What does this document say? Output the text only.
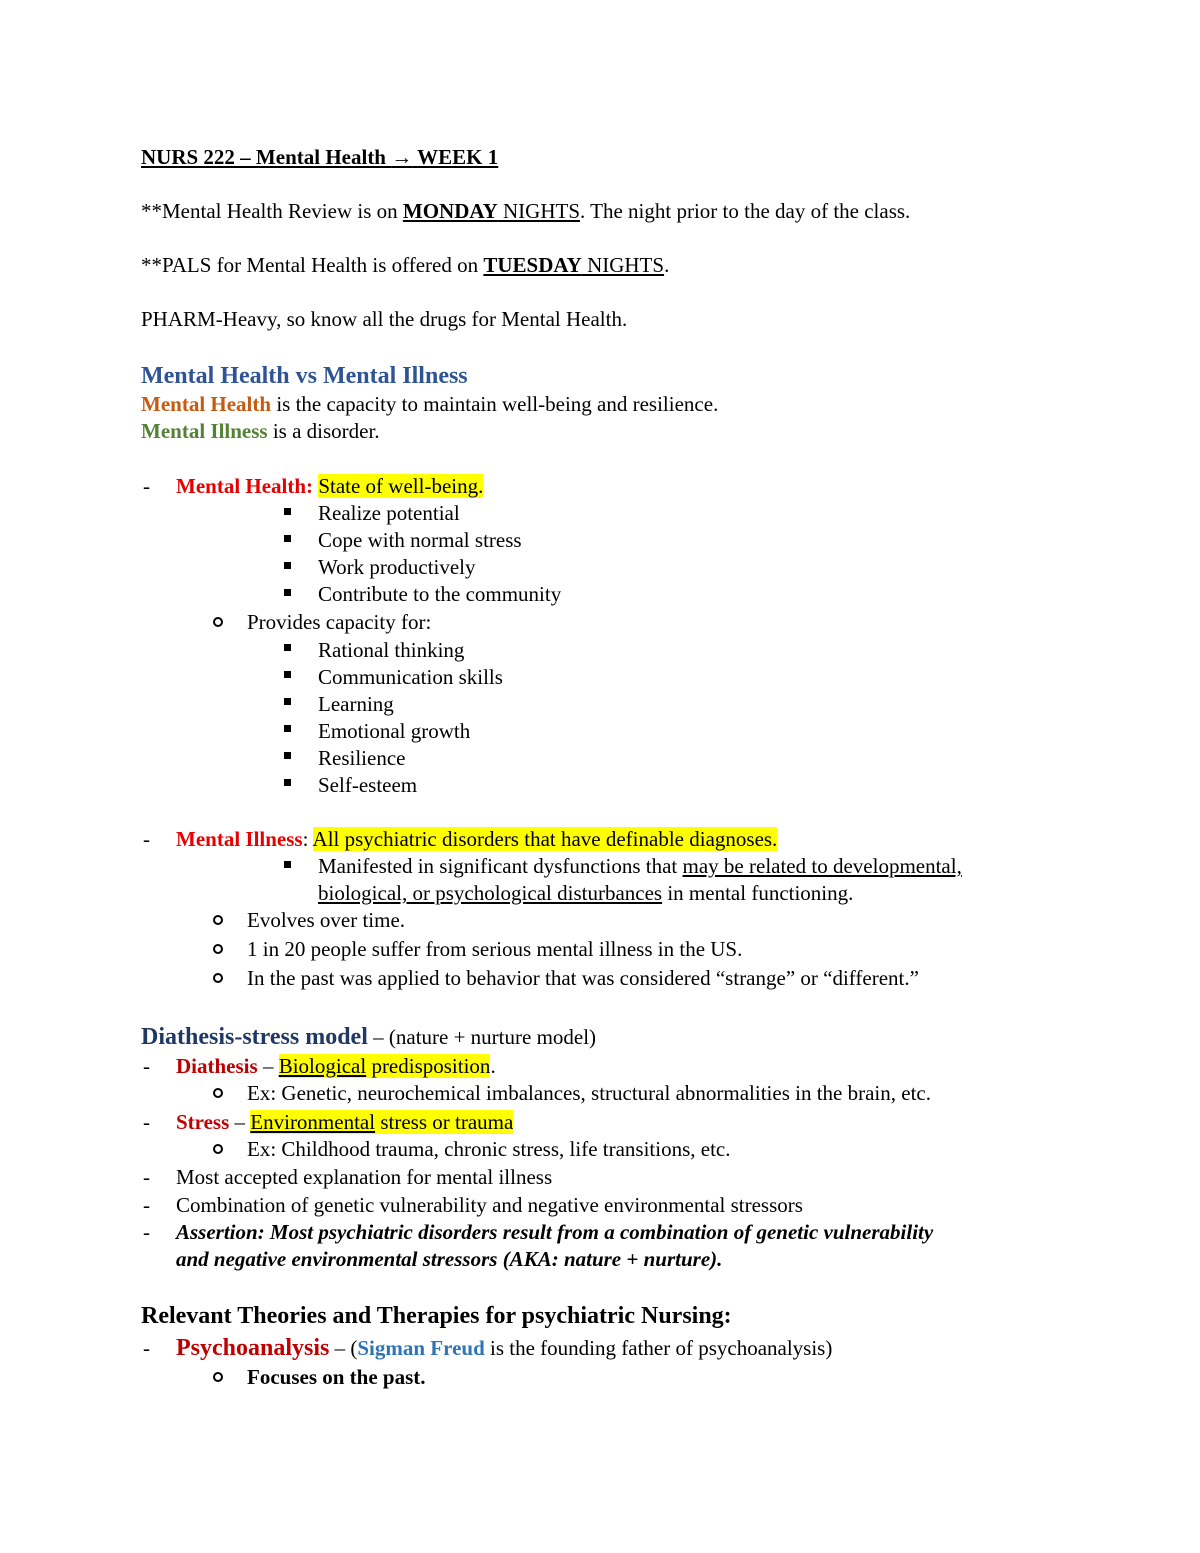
NURS 222 – Mental Health → WEEK 1
**Mental Health Review is on MONDAY NIGHTS. The night prior to the day of the class.
**PALS for Mental Health is offered on TUESDAY NIGHTS.
PHARM-Heavy, so know all the drugs for Mental Health.
Mental Health vs Mental Illness
Mental Health is the capacity to maintain well-being and resilience.
Mental Illness is a disorder.
- Mental Health: State of well-being.
Realize potential
Cope with normal stress
Work productively
Contribute to the community
Provides capacity for:
Rational thinking
Communication skills
Learning
Emotional growth
Resilience
Self-esteem
- Mental Illness: All psychiatric disorders that have definable diagnoses.
Manifested in significant dysfunctions that may be related to developmental,
biological, or psychological disturbances in mental functioning.
Evolves over time.
1 in 20 people suffer from serious mental illness in the US.
In the past was applied to behavior that was considered “strange” or “different.”
Diathesis-stress model – (nature + nurture model)
- Diathesis – Biological predisposition.
Ex: Genetic, neurochemical imbalances, structural abnormalities in the brain, etc.
- Stress – Environmental stress or trauma
Ex: Childhood trauma, chronic stress, life transitions, etc.
- Most accepted explanation for mental illness
- Combination of genetic vulnerability and negative environmental stressors
- Assertion: Most psychiatric disorders result from a combination of genetic vulnerability
and negative environmental stressors (AKA: nature + nurture).
Relevant Theories and Therapies for psychiatric Nursing:
- Psychoanalysis – (Sigman Freud is the founding father of psychoanalysis)
Focuses on the past.
